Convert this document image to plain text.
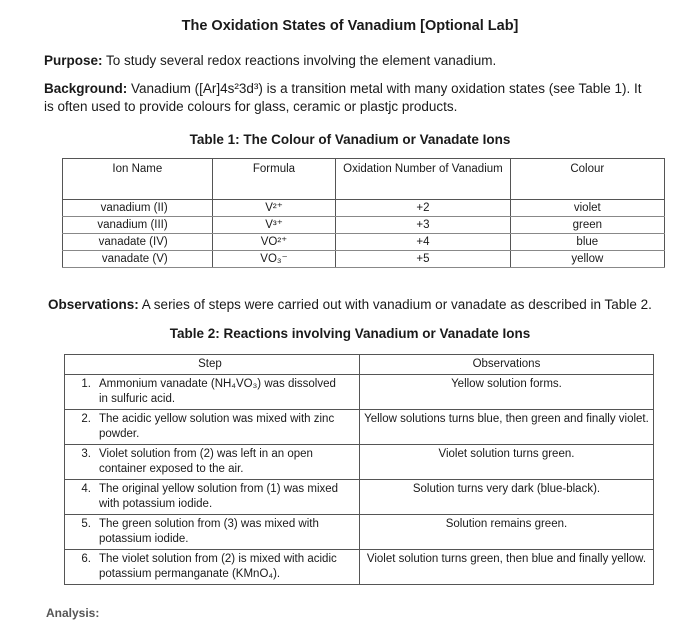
The Oxidation States of Vanadium [Optional Lab]
Purpose: To study several redox reactions involving the element vanadium.
Background: Vanadium ([Ar]4s²3d³) is a transition metal with many oxidation states (see Table 1). It
is often used to provide colours for glass, ceramic or plastjc products.
Table 1: The Colour of Vanadium or Vanadate Ions
Ion Name	Formula	Oxidation Number of Vanadium	Colour
vanadium (II)	V²⁺	+2	violet
vanadium (III)	V³⁺	+3	green
vanadate (IV)	VO²⁺	+4	blue
vanadate (V)	VO₃⁻	+5	yellow
Observations: A series of steps were carried out with vanadium or vanadate as described in Table 2.
Table 2: Reactions involving Vanadium or Vanadate Ions
Step	Observations
1. Ammonium vanadate (NH₄VO₃) was dissolved in sulfuric acid.	Yellow solution forms.
2. The acidic yellow solution was mixed with zinc powder.	Yellow solutions turns blue, then green and finally violet.
3. Violet solution from (2) was left in an open container exposed to the air.	Violet solution turns green.
4. The original yellow solution from (1) was mixed with potassium iodide.	Solution turns very dark (blue-black).
5. The green solution from (3) was mixed with potassium iodide.	Solution remains green.
6. The violet solution from (2) is mixed with acidic potassium permanganate (KMnO₄).	Violet solution turns green, then blue and finally yellow.
Analysis:
